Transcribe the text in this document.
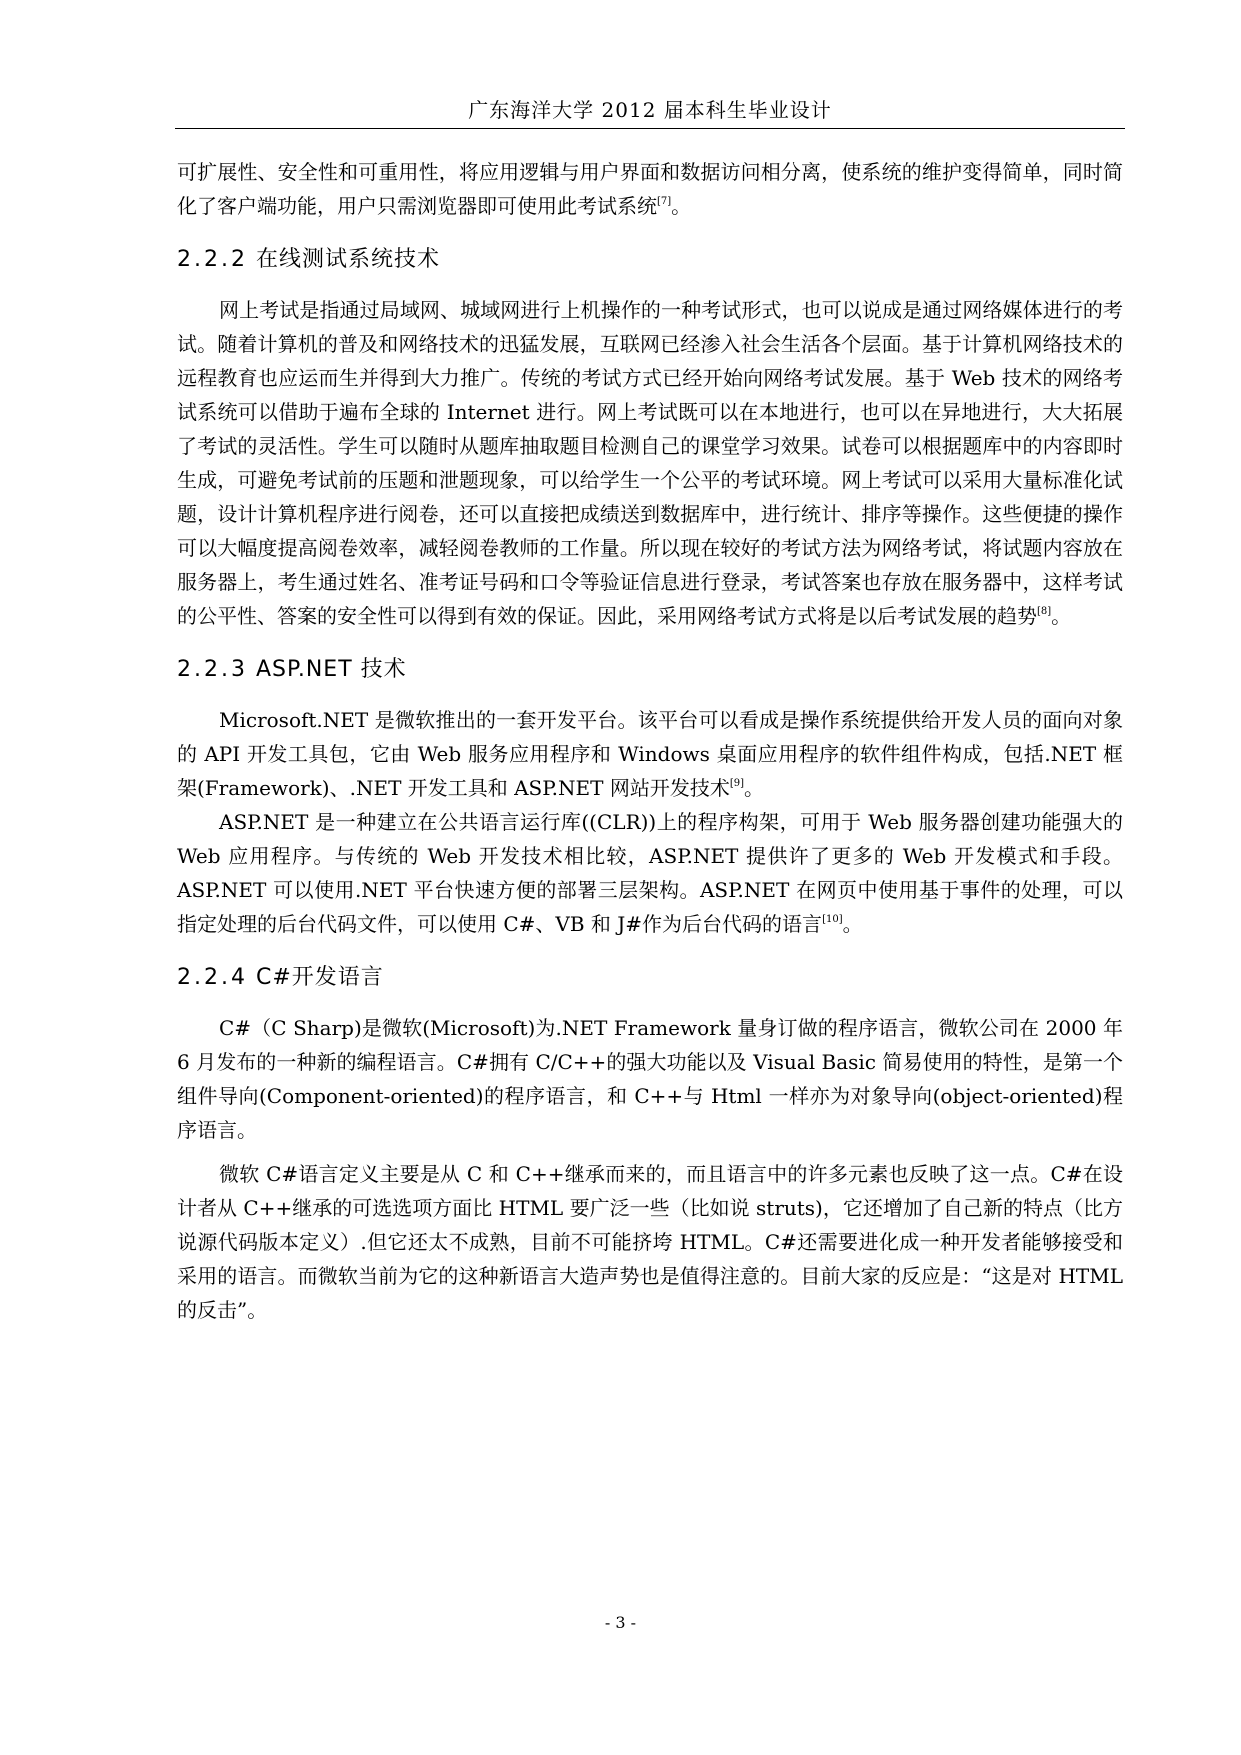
广东海洋大学 2012 届本科生毕业设计

可扩展性、安全性和可重用性，将应用逻辑与用户界面和数据访问相分离，使系统的维护变得简单，同时简化了客户端功能，用户只需浏览器即可使用此考试系统[7]。

2.2.2 在线测试系统技术

网上考试是指通过局域网、城域网进行上机操作的一种考试形式，也可以说成是通过网络媒体进行的考试。随着计算机的普及和网络技术的迅猛发展，互联网已经渗入社会生活各个层面。基于计算机网络技术的远程教育也应运而生并得到大力推广。传统的考试方式已经开始向网络考试发展。基于 Web 技术的网络考试系统可以借助于遍布全球的 Internet 进行。网上考试既可以在本地进行，也可以在异地进行，大大拓展了考试的灵活性。学生可以随时从题库抽取题目检测自己的课堂学习效果。试卷可以根据题库中的内容即时生成，可避免考试前的压题和泄题现象，可以给学生一个公平的考试环境。网上考试可以采用大量标准化试题，设计计算机程序进行阅卷，还可以直接把成绩送到数据库中，进行统计、排序等操作。这些便捷的操作可以大幅度提高阅卷效率，减轻阅卷教师的工作量。所以现在较好的考试方法为网络考试，将试题内容放在服务器上，考生通过姓名、准考证号码和口令等验证信息进行登录，考试答案也存放在服务器中，这样考试的公平性、答案的安全性可以得到有效的保证。因此，采用网络考试方式将是以后考试发展的趋势[8]。

2.2.3 ASP.NET 技术

Microsoft.NET 是微软推出的一套开发平台。该平台可以看成是操作系统提供给开发人员的面向对象的 API 开发工具包，它由 Web 服务应用程序和 Windows 桌面应用程序的软件组件构成，包括.NET 框架(Framework)、.NET 开发工具和 ASP.NET 网站开发技术[9]。

ASP.NET 是一种建立在公共语言运行库((CLR))上的程序构架，可用于 Web 服务器创建功能强大的 Web 应用程序。与传统的 Web 开发技术相比较，ASP.NET 提供许了更多的 Web 开发模式和手段。ASP.NET 可以使用.NET 平台快速方便的部署三层架构。ASP.NET 在网页中使用基于事件的处理，可以指定处理的后台代码文件，可以使用 C#、VB 和 J#作为后台代码的语言[10]。

2.2.4 C#开发语言

C#（C Sharp)是微软(Microsoft)为.NET Framework 量身订做的程序语言，微软公司在 2000 年 6 月发布的一种新的编程语言。C#拥有 C/C++的强大功能以及 Visual Basic 简易使用的特性，是第一个组件导向(Component-oriented)的程序语言，和 C++与 Html 一样亦为对象导向(object-oriented)程序语言。

微软 C#语言定义主要是从 C 和 C++继承而来的，而且语言中的许多元素也反映了这一点。C#在设计者从 C++继承的可选选项方面比 HTML 要广泛一些（比如说 struts)，它还增加了自己新的特点（比方说源代码版本定义）.但它还太不成熟，目前不可能挤垮 HTML。C#还需要进化成一种开发者能够接受和采用的语言。而微软当前为它的这种新语言大造声势也是值得注意的。目前大家的反应是：“这是对 HTML 的反击”。

- 3 -
